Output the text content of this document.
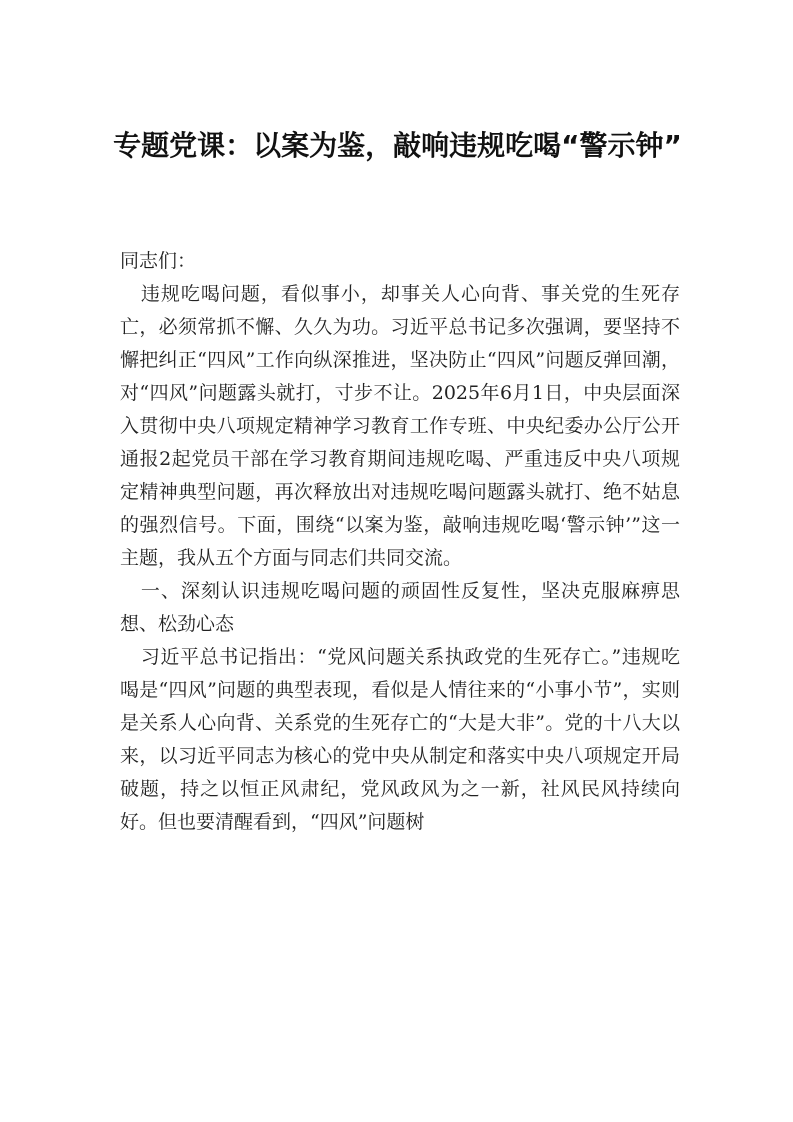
专题党课：以案为鉴，敲响违规吃喝“警示钟”

同志们：

违规吃喝问题，看似事小，却事关人心向背、事关党的生死存亡，必须常抓不懈、久久为功。习近平总书记多次强调，要坚持不懈把纠正“四风”工作向纵深推进，坚决防止“四风”问题反弹回潮，对“四风”问题露头就打，寸步不让。2025年6月1日，中央层面深入贯彻中央八项规定精神学习教育工作专班、中央纪委办公厅公开通报2起党员干部在学习教育期间违规吃喝、严重违反中央八项规定精神典型问题，再次释放出对违规吃喝问题露头就打、绝不姑息的强烈信号。下面，围绕“以案为鉴，敲响违规吃喝‘警示钟’”这一主题，我从五个方面与同志们共同交流。

一、深刻认识违规吃喝问题的顽固性反复性，坚决克服麻痹思想、松劲心态

习近平总书记指出：“党风问题关系执政党的生死存亡。”违规吃喝是“四风”问题的典型表现，看似是人情往来的“小事小节”，实则是关系人心向背、关系党的生死存亡的“大是大非”。党的十八大以来，以习近平同志为核心的党中央从制定和落实中央八项规定开局破题，持之以恒正风肃纪，党风政风为之一新，社风民风持续向好。但也要清醒看到，“四风”问题树
